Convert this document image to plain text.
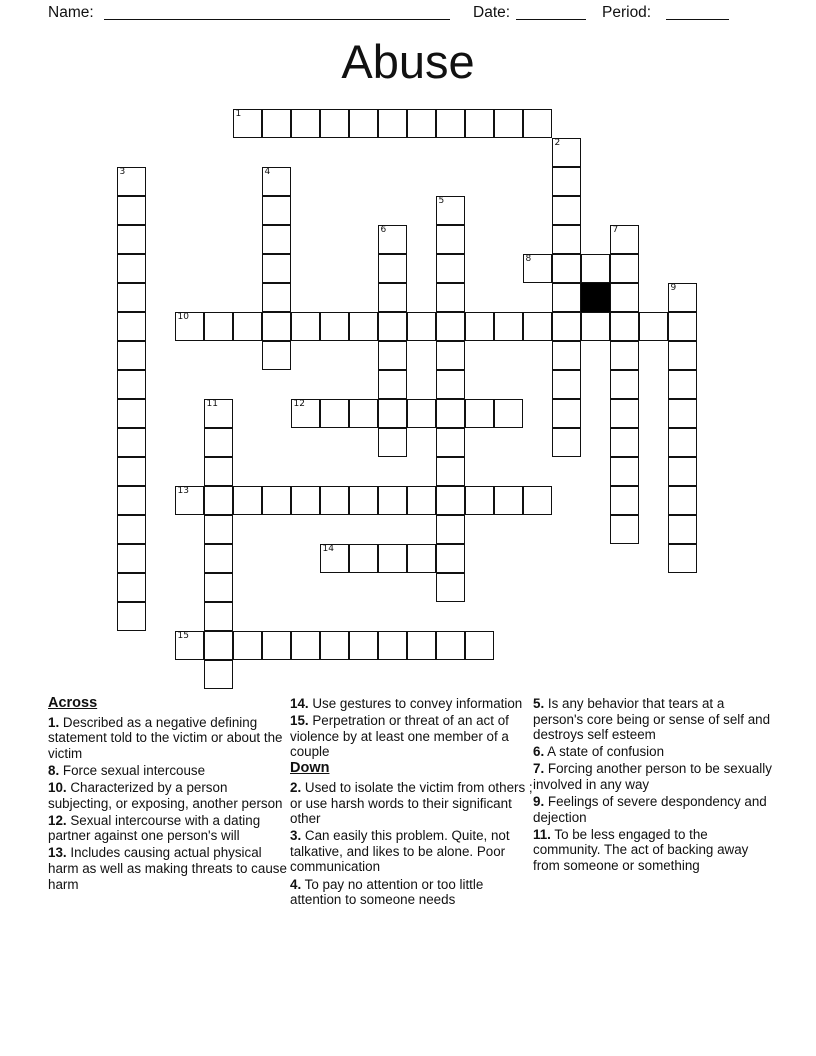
Name:	Date:	Period:
Abuse
1
2
3	4
5
6	7
8
9
10
11	12
13
14
15
Across

1. Described as a negative defining statement told to the victim or about the victim

8. Force sexual intercouse

10. Characterized by a person subjecting, or exposing, another person

12. Sexual intercourse with a dating partner against one person's will

13. Includes causing actual physical harm as well as making threats to cause harm

14. Use gestures to convey information

15. Perpetration or threat of an act of violence by at least one member of a couple

Down

2. Used to isolate the victim from others ; or use harsh words to their significant other

3. Can easily this problem. Quite, not talkative, and likes to be alone. Poor communication

4. To pay no attention or too little attention to someone needs

5. Is any behavior that tears at a person's core being or sense of self and destroys self esteem

6. A state of confusion

7. Forcing another person to be sexually involved in any way

9. Feelings of severe despondency and dejection

11. To be less engaged to the community. The act of backing away from someone or something
